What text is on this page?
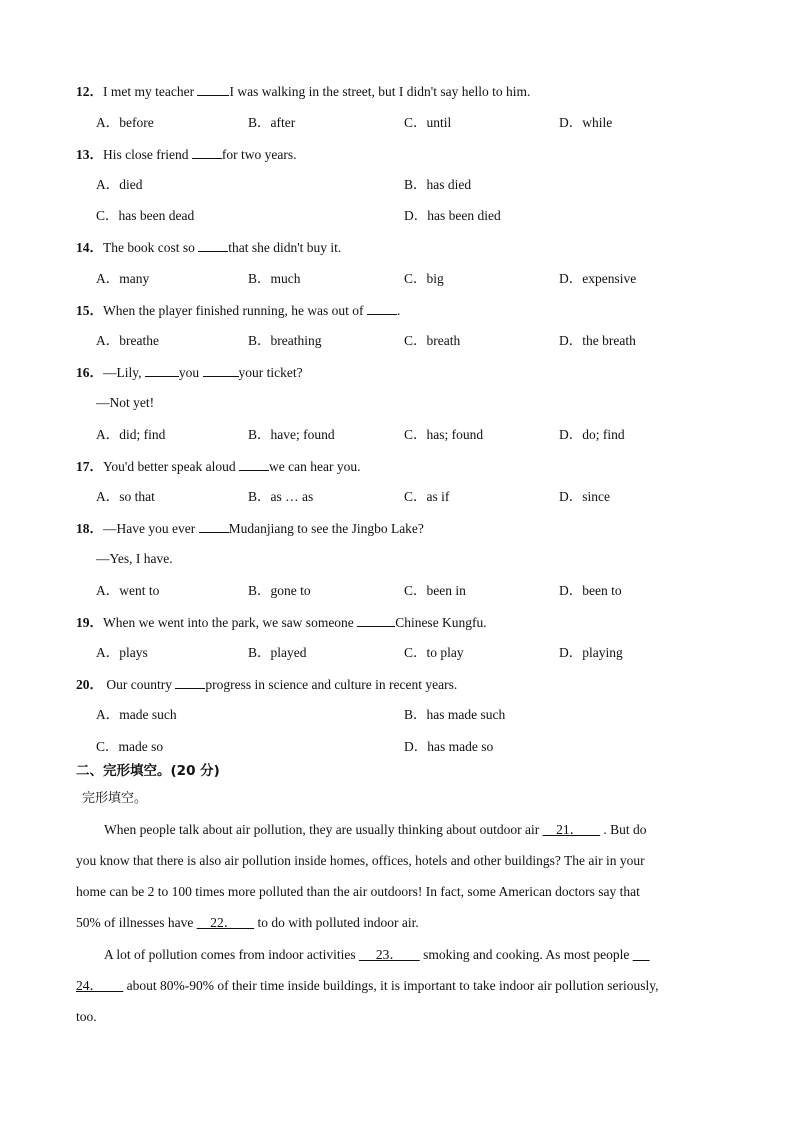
12．I met my teacher I was walking in the street, but I didn't say hello to him.
A．before	B．after	C．until	D．while
13．His close friend for two years.
A．died	B．has died
C．has been dead	D．has been died
14．The book cost so that she didn't buy it.
A．many	B．much	C．big	D．expensive
15．When the player finished running, he was out of .
A．breathe	B．breathing	C．breath	D．the breath
16．—Lily,	you	your ticket?
—Not yet!
A．did; find	B．have; found	C．has; found	D．do; find
17．You'd better speak aloud we can hear you.
A．so that	B．as … as	C．as if	D．since
18．—Have you ever Mudanjiang to see the Jingbo Lake?
—Yes, I have.
A．went to	B．gone to	C．been in	D．been to
19．When we went into the park, we saw someone	Chinese Kungfu.
A．plays	B．played	C．to play	D．playing
20． Our country progress in science and culture in recent years.
A．made such	B．has made such
C．made so	D．has made so
二、完形填空。(20 分)
完形填空。
When people talk about air pollution, they are usually thinking about outdoor air     21．      . But do
you know that there is also air pollution inside homes, offices, hotels and other buildings? The air in your
home can be 2 to 100 times more polluted than the air outdoors! In fact, some American doctors say that
50% of illnesses have     22．      to do with polluted indoor air.
A lot of pollution comes from indoor activities      23．      smoking and cooking. As most people
24．       about 80%-90% of their time inside buildings, it is important to take indoor air pollution seriously,
too.
